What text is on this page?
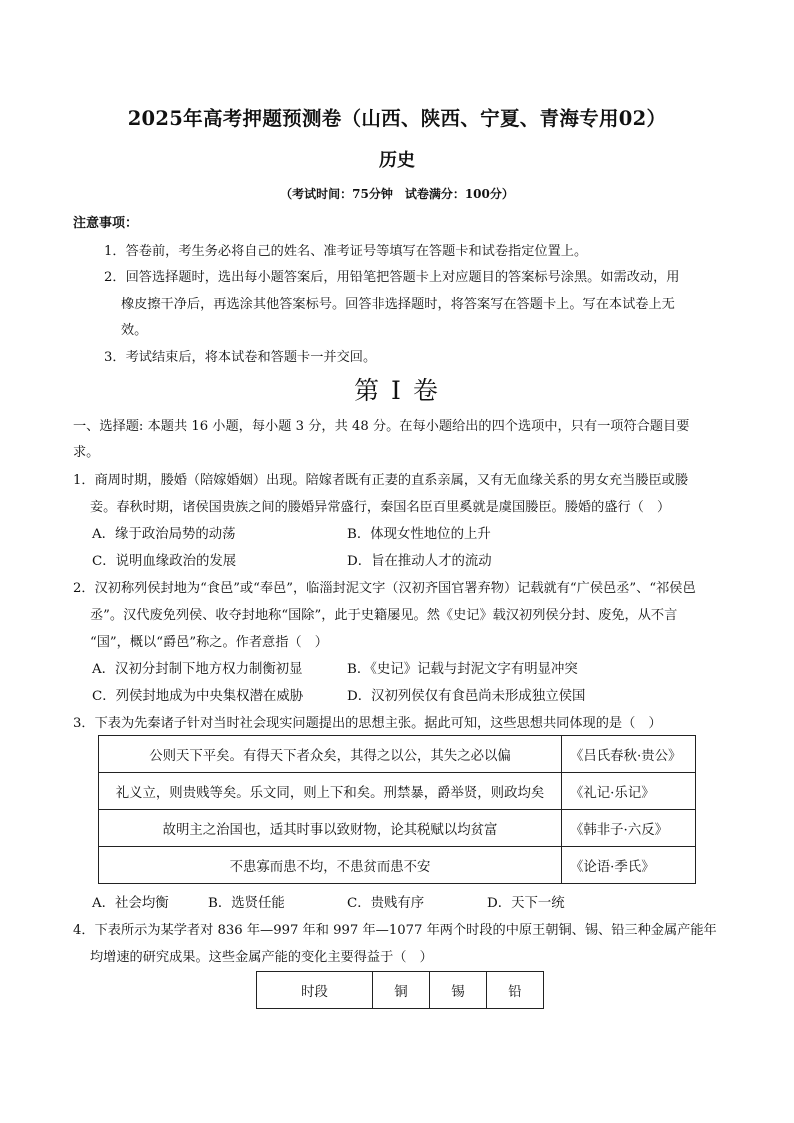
2025年高考押题预测卷（山西、陕西、宁夏、青海专用02）
历史
（考试时间：75分钟　试卷满分：100分）
注意事项：
1．答卷前，考生务必将自己的姓名、准考证号等填写在答题卡和试卷指定位置上。
2．回答选择题时，选出每小题答案后，用铅笔把答题卡上对应题目的答案标号涂黑。如需改动，用
橡皮擦干净后，再选涂其他答案标号。回答非选择题时，将答案写在答题卡上。写在本试卷上无
效。
3．考试结束后，将本试卷和答题卡一并交回。
第 I 卷
一、选择题: 本题共 16 小题，每小题 3 分，共 48 分。在每小题给出的四个选项中，只有一项符合题目要
求。
1．商周时期，媵婚（陪嫁婚姻）出现。陪嫁者既有正妻的直系亲属，又有无血缘关系的男女充当媵臣或媵
妾。春秋时期，诸侯国贵族之间的媵婚异常盛行，秦国名臣百里奚就是虞国媵臣。媵婚的盛行（　）
A．缘于政治局势的动荡	B．体现女性地位的上升
C．说明血缘政治的发展	D．旨在推动人才的流动
2．汉初称列侯封地为“食邑”或“奉邑”，临淄封泥文字（汉初齐国官署弃物）记载就有“广侯邑丞”、“祁侯邑
丞”。汉代废免列侯、收夺封地称“国除”，此于史籍屡见。然《史记》载汉初列侯分封、废免，从不言
“国”，概以“爵邑”称之。作者意指（　）
A．汉初分封制下地方权力制衡初显	B．《史记》记载与封泥文字有明显冲突
C．列侯封地成为中央集权潜在威胁	D．汉初列侯仅有食邑尚未形成独立侯国
3．下表为先秦诸子针对当时社会现实问题提出的思想主张。据此可知，这些思想共同体现的是（　）
公则天下平矣。有得天下者众矣，其得之以公，其失之必以偏	《吕氏春秋·贵公》
礼义立，则贵贱等矣。乐文同，则上下和矣。刑禁暴，爵举贤，则政均矣	《礼记·乐记》
故明主之治国也，适其时事以致财物，论其税赋以均贫富	《韩非子·六反》
不患寡而患不均，不患贫而患不安	《论语·季氏》
A．社会均衡	B．选贤任能	C．贵贱有序	D．天下一统
4．下表所示为某学者对 836 年—997 年和 997 年—1077 年两个时段的中原王朝铜、锡、铅三种金属产能年
均增速的研究成果。这些金属产能的变化主要得益于（　）
时段	铜	锡	铅
